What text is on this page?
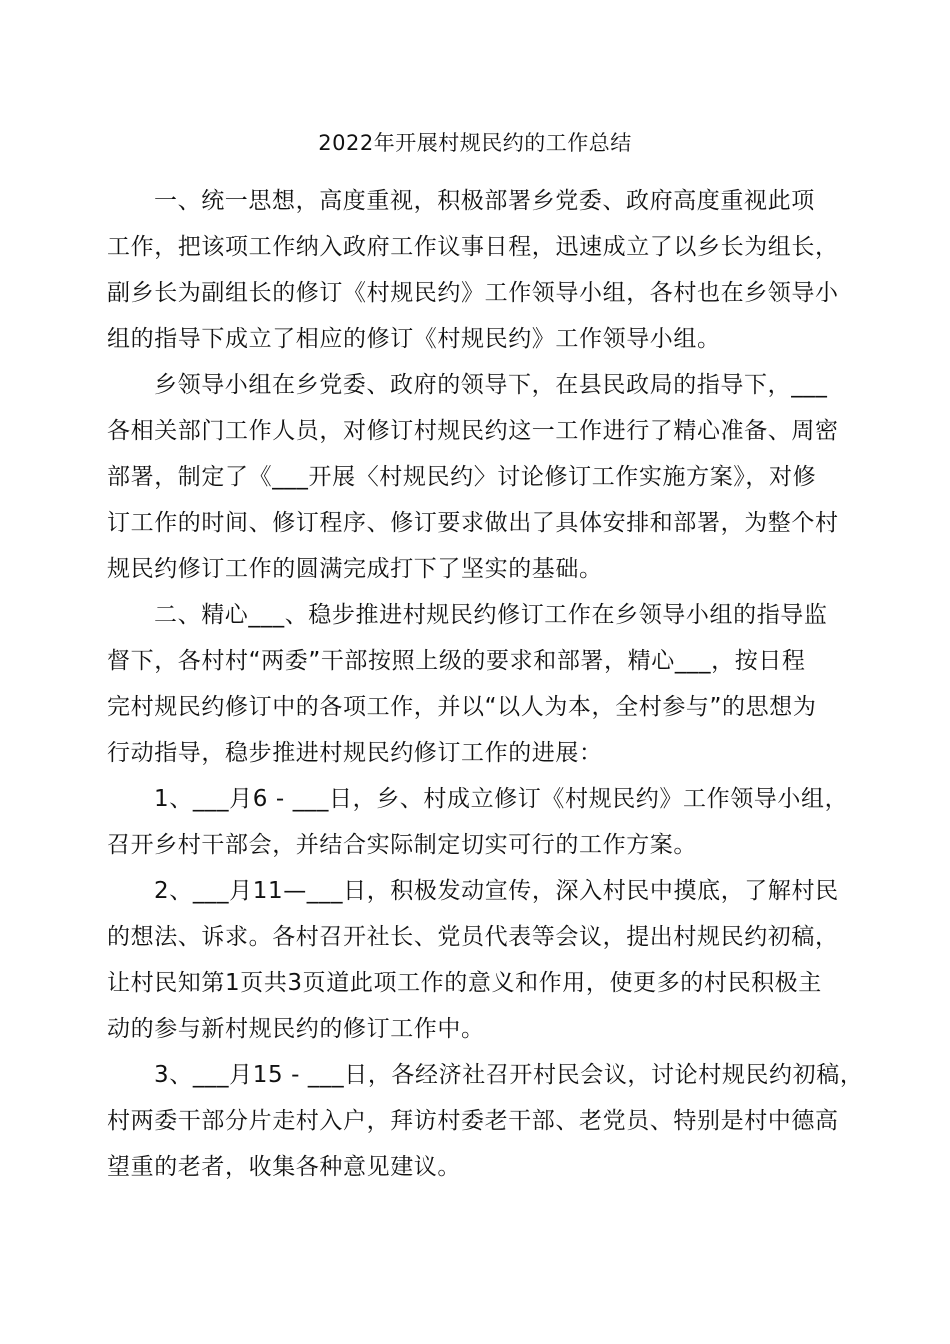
2022年开展村规民约的工作总结
一、统一思想，高度重视，积极部署乡党委、政府高度重视此项
工作，把该项工作纳入政府工作议事日程，迅速成立了以乡长为组长，
副乡长为副组长的修订《村规民约》工作领导小组，各村也在乡领导小
组的指导下成立了相应的修订《村规民约》工作领导小组。
乡领导小组在乡党委、政府的领导下，在县民政局的指导下，___
各相关部门工作人员，对修订村规民约这一工作进行了精心准备、周密
部署，制定了《___开展〈村规民约〉讨论修订工作实施方案》，对修
订工作的时间、修订程序、修订要求做出了具体安排和部署，为整个村
规民约修订工作的圆满完成打下了坚实的基础。
二、精心___、稳步推进村规民约修订工作在乡领导小组的指导监
督下，各村村“两委”干部按照上级的要求和部署，精心___，按日程
完村规民约修订中的各项工作，并以“以人为本，全村参与”的思想为
行动指导，稳步推进村规民约修订工作的进展：
1、___月6 - ___日，乡、村成立修订《村规民约》工作领导小组，
召开乡村干部会，并结合实际制定切实可行的工作方案。
2、___月11—___日，积极发动宣传，深入村民中摸底，了解村民
的想法、诉求。各村召开社长、党员代表等会议，提出村规民约初稿，
让村民知第1页共3页道此项工作的意义和作用，使更多的村民积极主
动的参与新村规民约的修订工作中。
3、___月15 - ___日，各经济社召开村民会议，讨论村规民约初稿，
村两委干部分片走村入户，拜访村委老干部、老党员、特别是村中德高
望重的老者，收集各种意见建议。
